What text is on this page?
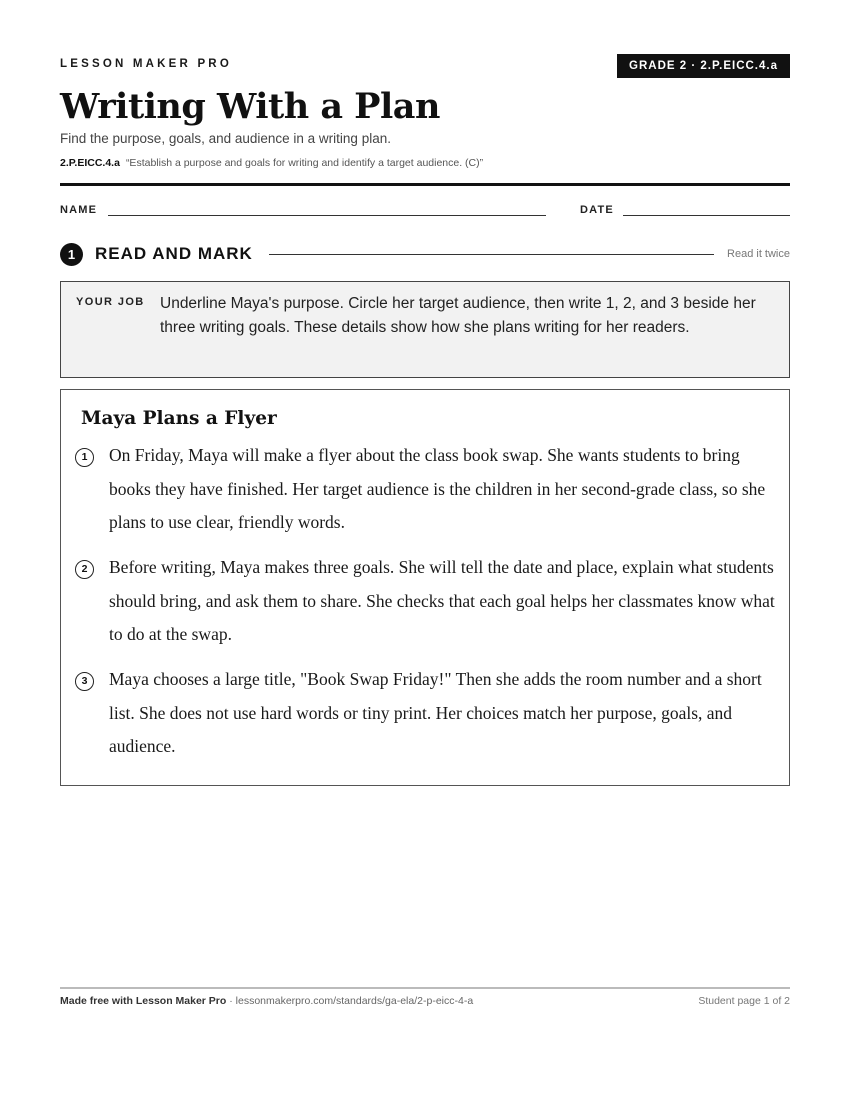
LESSON MAKER PRO	GRADE 2 · 2.P.EICC.4.a
Writing With a Plan
Find the purpose, goals, and audience in a writing plan.
2.P.EICC.4.a “Establish a purpose and goals for writing and identify a target audience. (C)”
NAME	DATE
1	READ AND MARK	Read it twice
YOUR JOB Underline Maya's purpose. Circle her target audience, then write 1, 2, and 3 beside her three writing goals. These details show how she plans writing for her readers.
Maya Plans a Flyer
1	On Friday, Maya will make a flyer about the class book swap. She wants students to bring books they have finished. Her target audience is the children in her second-grade class, so she plans to use clear, friendly words.
2	Before writing, Maya makes three goals. She will tell the date and place, explain what students should bring, and ask them to share. She checks that each goal helps her classmates know what to do at the swap.
3	Maya chooses a large title, "Book Swap Friday!" Then she adds the room number and a short list. She does not use hard words or tiny print. Her choices match her purpose, goals, and audience.
Made free with Lesson Maker Pro · lessonmakerpro.com/standards/ga-ela/2-p-eicc-4-a	Student page 1 of 2
